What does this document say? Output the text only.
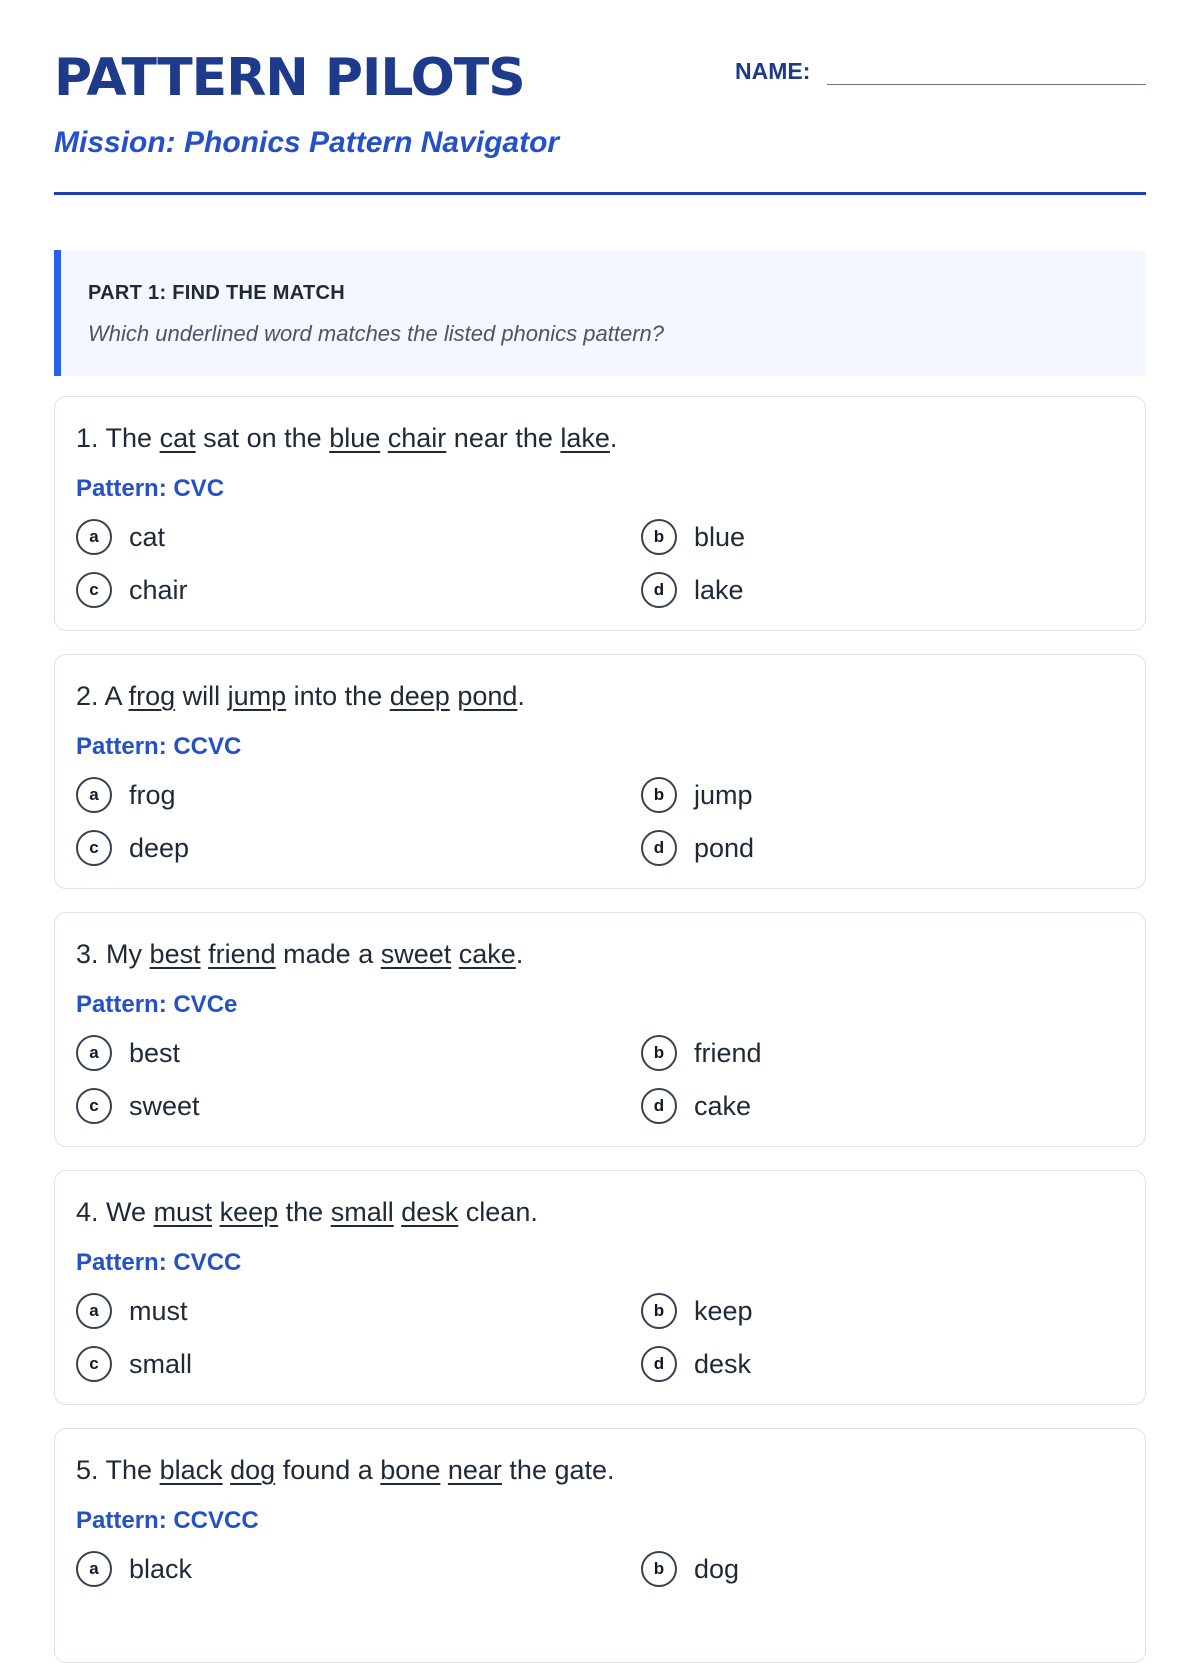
PATTERN PILOTS
Mission: Phonics Pattern Navigator
NAME:
PART 1: FIND THE MATCH
Which underlined word matches the listed phonics pattern?
1. The cat sat on the blue chair near the lake.
Pattern: CVC
a	cat	b	blue
c	chair	d	lake
2. A frog will jump into the deep pond.
Pattern: CCVC
a	frog	b	jump
c	deep	d	pond
3. My best friend made a sweet cake.
Pattern: CVCe
a	best	b	friend
c	sweet	d	cake
4. We must keep the small desk clean.
Pattern: CVCC
a	must	b	keep
c	small	d	desk
5. The black dog found a bone near the gate.
Pattern: CCVCC
a	black	b	dog
